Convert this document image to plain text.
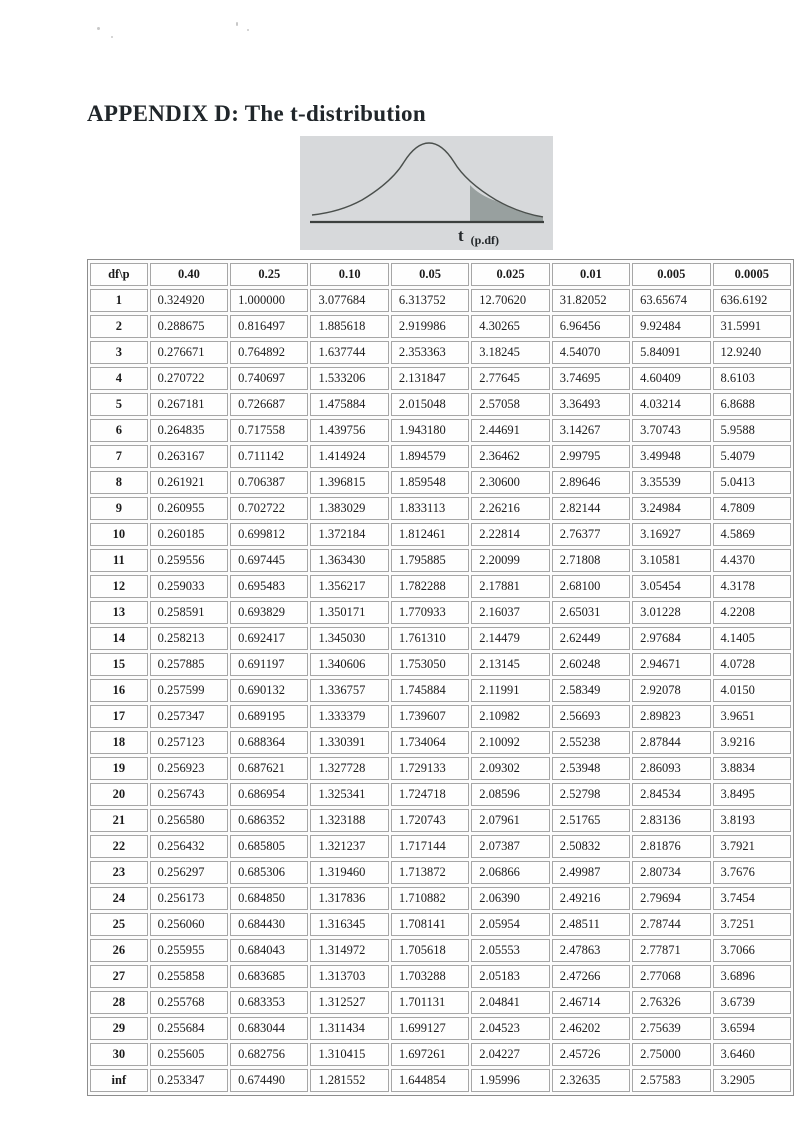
APPENDIX D: The t-distribution
t (p.df)
df\p	0.40	0.25	0.10	0.05	0.025	0.01	0.005	0.0005
1	0.324920	1.000000	3.077684	6.313752	12.70620	31.82052	63.65674	636.6192
2	0.288675	0.816497	1.885618	2.919986	4.30265	6.96456	9.92484	31.5991
3	0.276671	0.764892	1.637744	2.353363	3.18245	4.54070	5.84091	12.9240
4	0.270722	0.740697	1.533206	2.131847	2.77645	3.74695	4.60409	8.6103
5	0.267181	0.726687	1.475884	2.015048	2.57058	3.36493	4.03214	6.8688
6	0.264835	0.717558	1.439756	1.943180	2.44691	3.14267	3.70743	5.9588
7	0.263167	0.711142	1.414924	1.894579	2.36462	2.99795	3.49948	5.4079
8	0.261921	0.706387	1.396815	1.859548	2.30600	2.89646	3.35539	5.0413
9	0.260955	0.702722	1.383029	1.833113	2.26216	2.82144	3.24984	4.7809
10	0.260185	0.699812	1.372184	1.812461	2.22814	2.76377	3.16927	4.5869
11	0.259556	0.697445	1.363430	1.795885	2.20099	2.71808	3.10581	4.4370
12	0.259033	0.695483	1.356217	1.782288	2.17881	2.68100	3.05454	4.3178
13	0.258591	0.693829	1.350171	1.770933	2.16037	2.65031	3.01228	4.2208
14	0.258213	0.692417	1.345030	1.761310	2.14479	2.62449	2.97684	4.1405
15	0.257885	0.691197	1.340606	1.753050	2.13145	2.60248	2.94671	4.0728
16	0.257599	0.690132	1.336757	1.745884	2.11991	2.58349	2.92078	4.0150
17	0.257347	0.689195	1.333379	1.739607	2.10982	2.56693	2.89823	3.9651
18	0.257123	0.688364	1.330391	1.734064	2.10092	2.55238	2.87844	3.9216
19	0.256923	0.687621	1.327728	1.729133	2.09302	2.53948	2.86093	3.8834
20	0.256743	0.686954	1.325341	1.724718	2.08596	2.52798	2.84534	3.8495
21	0.256580	0.686352	1.323188	1.720743	2.07961	2.51765	2.83136	3.8193
22	0.256432	0.685805	1.321237	1.717144	2.07387	2.50832	2.81876	3.7921
23	0.256297	0.685306	1.319460	1.713872	2.06866	2.49987	2.80734	3.7676
24	0.256173	0.684850	1.317836	1.710882	2.06390	2.49216	2.79694	3.7454
25	0.256060	0.684430	1.316345	1.708141	2.05954	2.48511	2.78744	3.7251
26	0.255955	0.684043	1.314972	1.705618	2.05553	2.47863	2.77871	3.7066
27	0.255858	0.683685	1.313703	1.703288	2.05183	2.47266	2.77068	3.6896
28	0.255768	0.683353	1.312527	1.701131	2.04841	2.46714	2.76326	3.6739
29	0.255684	0.683044	1.311434	1.699127	2.04523	2.46202	2.75639	3.6594
30	0.255605	0.682756	1.310415	1.697261	2.04227	2.45726	2.75000	3.6460
inf	0.253347	0.674490	1.281552	1.644854	1.95996	2.32635	2.57583	3.2905
